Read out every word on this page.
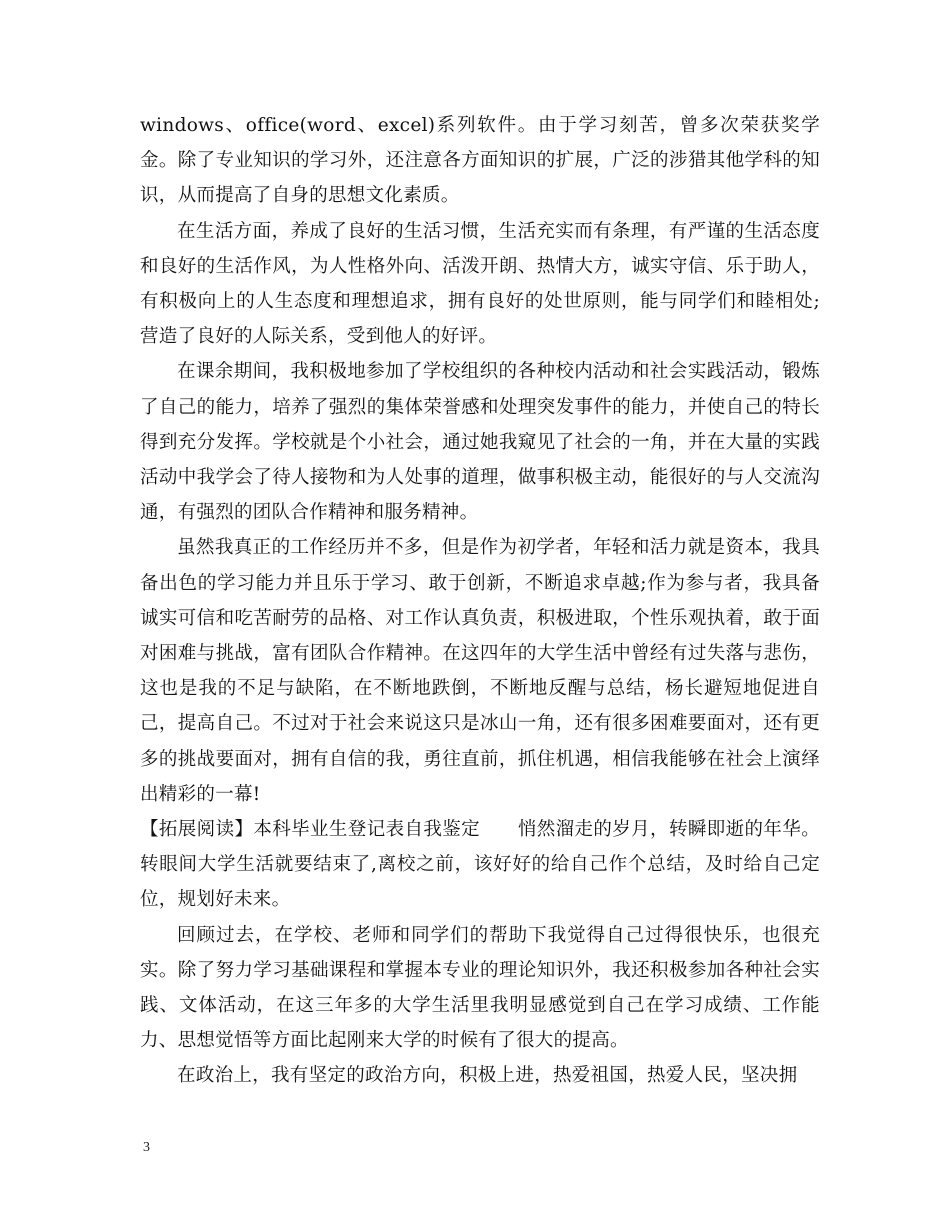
windows、office(word、excel)系列软件。由于学习刻苦，曾多次荣获奖学金。除了专业知识的学习外，还注意各方面知识的扩展，广泛的涉猎其他学科的知识，从而提高了自身的思想文化素质。

在生活方面，养成了良好的生活习惯，生活充实而有条理，有严谨的生活态度和良好的生活作风，为人性格外向、活泼开朗、热情大方，诚实守信、乐于助人，有积极向上的人生态度和理想追求，拥有良好的处世原则，能与同学们和睦相处;营造了良好的人际关系，受到他人的好评。

在课余期间，我积极地参加了学校组织的各种校内活动和社会实践活动，锻炼了自己的能力，培养了强烈的集体荣誉感和处理突发事件的能力，并使自己的特长得到充分发挥。学校就是个小社会，通过她我窥见了社会的一角，并在大量的实践活动中我学会了待人接物和为人处事的道理，做事积极主动，能很好的与人交流沟通，有强烈的团队合作精神和服务精神。

虽然我真正的工作经历并不多，但是作为初学者，年轻和活力就是资本，我具备出色的学习能力并且乐于学习、敢于创新，不断追求卓越;作为参与者，我具备诚实可信和吃苦耐劳的品格、对工作认真负责，积极进取，个性乐观执着，敢于面对困难与挑战，富有团队合作精神。在这四年的大学生活中曾经有过失落与悲伤，这也是我的不足与缺陷，在不断地跌倒，不断地反醒与总结，杨长避短地促进自己，提高自己。不过对于社会来说这只是冰山一角，还有很多困难要面对，还有更多的挑战要面对，拥有自信的我，勇往直前，抓住机遇，相信我能够在社会上演绎出精彩的一幕!

【拓展阅读】本科毕业生登记表自我鉴定　　悄然溜走的岁月，转瞬即逝的年华。转眼间大学生活就要结束了,离校之前，该好好的给自己作个总结，及时给自己定位，规划好未来。

回顾过去，在学校、老师和同学们的帮助下我觉得自己过得很快乐，也很充实。除了努力学习基础课程和掌握本专业的理论知识外，我还积极参加各种社会实践、文体活动，在这三年多的大学生活里我明显感觉到自己在学习成绩、工作能力、思想觉悟等方面比起刚来大学的时候有了很大的提高。

在政治上，我有坚定的政治方向，积极上进，热爱祖国，热爱人民，坚决拥

3
